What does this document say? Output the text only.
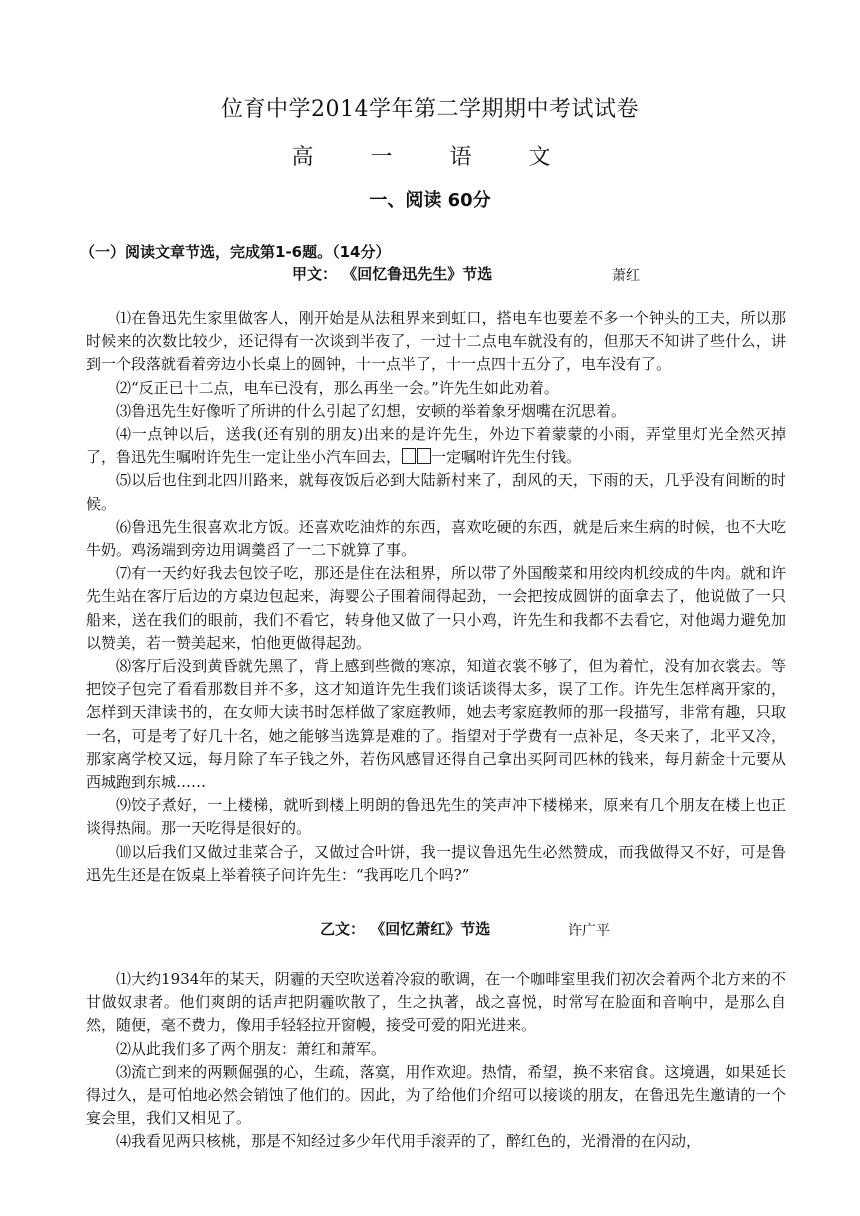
位育中学2014学年第二学期期中考试试卷
高 一 语 文
一、阅读 60分
（一）阅读文章节选，完成第1-6题。（14分）
甲文： 《回忆鲁迅先生》节选	萧红

⑴在鲁迅先生家里做客人，刚开始是从法租界来到虹口，搭电车也要差不多一个钟头的工夫，所以那时候来的次数比较少，还记得有一次谈到半夜了，一过十二点电车就没有的，但那天不知讲了些什么，讲到一个段落就看着旁边小长桌上的圆钟，十一点半了，十一点四十五分了，电车没有了。

⑵“反正已十二点，电车已没有，那么再坐一会。”许先生如此劝着。

⑶鲁迅先生好像听了所讲的什么引起了幻想，安顿的举着象牙烟嘴在沉思着。

⑷一点钟以后，送我(还有别的朋友)出来的是许先生，外边下着蒙蒙的小雨，弄堂里灯光全然灭掉了，鲁迅先生嘱咐许先生一定让坐小汽车回去， 一定嘱咐许先生付钱。

⑸以后也住到北四川路来，就每夜饭后必到大陆新村来了，刮风的天，下雨的天，几乎没有间断的时候。

⑹鲁迅先生很喜欢北方饭。还喜欢吃油炸的东西，喜欢吃硬的东西，就是后来生病的时候，也不大吃牛奶。鸡汤端到旁边用调羹舀了一二下就算了事。

⑺有一天约好我去包饺子吃，那还是住在法租界，所以带了外国酸菜和用绞肉机绞成的牛肉。就和许先生站在客厅后边的方桌边包起来，海婴公子围着闹得起劲，一会把按成圆饼的面拿去了，他说做了一只船来，送在我们的眼前，我们不看它，转身他又做了一只小鸡，许先生和我都不去看它，对他竭力避免加以赞美，若一赞美起来，怕他更做得起劲。

⑻客厅后没到黄昏就先黑了，背上感到些微的寒凉，知道衣裳不够了，但为着忙，没有加衣裳去。等把饺子包完了看看那数目并不多，这才知道许先生我们谈话谈得太多，误了工作。许先生怎样离开家的，怎样到天津读书的，在女师大读书时怎样做了家庭教师，她去考家庭教师的那一段描写，非常有趣，只取一名，可是考了好几十名，她之能够当选算是难的了。指望对于学费有一点补足，冬天来了，北平又冷，那家离学校又远，每月除了车子钱之外，若伤风感冒还得自己拿出买阿司匹林的钱来，每月薪金十元要从西城跑到东城……

⑼饺子煮好，一上楼梯，就听到楼上明朗的鲁迅先生的笑声冲下楼梯来，原来有几个朋友在楼上也正谈得热闹。那一天吃得是很好的。

⑽以后我们又做过韭菜合子，又做过合叶饼，我一提议鲁迅先生必然赞成，而我做得又不好，可是鲁迅先生还是在饭桌上举着筷子问许先生：“我再吃几个吗?”

乙文： 《回忆萧红》节选	许广平

⑴大约1934年的某天，阴霾的天空吹送着冷寂的歌调，在一个咖啡室里我们初次会着两个北方来的不甘做奴隶者。他们爽朗的话声把阴霾吹散了，生之执著，战之喜悦，时常写在脸面和音响中，是那么自然，随便，毫不费力，像用手轻轻拉开窗幔，接受可爱的阳光进来。

⑵从此我们多了两个朋友：萧红和萧军。

⑶流亡到来的两颗倔强的心，生疏，落寞，用作欢迎。热情，希望，换不来宿食。这境遇，如果延长得过久，是可怕地必然会销蚀了他们的。因此，为了给他们介绍可以接谈的朋友，在鲁迅先生邀请的一个宴会里，我们又相见了。

⑷我看见两只核桃，那是不知经过多少年代用手滚弄的了，醉红色的，光滑滑的在闪动，
